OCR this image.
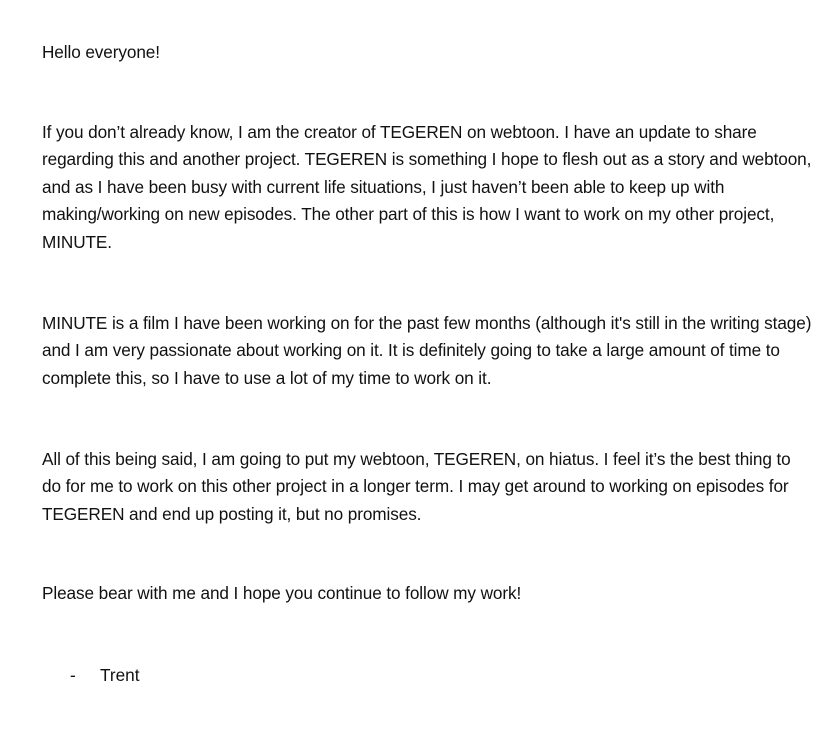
Hello everyone!

If you don’t already know, I am the creator of TEGEREN on webtoon. I have an update to share regarding this and another project. TEGEREN is something I hope to flesh out as a story and webtoon, and as I have been busy with current life situations, I just haven’t been able to keep up with making/working on new episodes. The other part of this is how I want to work on my other project, MINUTE.

MINUTE is a film I have been working on for the past few months (although it's still in the writing stage) and I am very passionate about working on it. It is definitely going to take a large amount of time to complete this, so I have to use a lot of my time to work on it.

All of this being said, I am going to put my webtoon, TEGEREN, on hiatus. I feel it’s the best thing to do for me to work on this other project in a longer term. I may get around to working on episodes for TEGEREN and end up posting it, but no promises.

Please bear with me and I hope you continue to follow my work!

-	Trent
